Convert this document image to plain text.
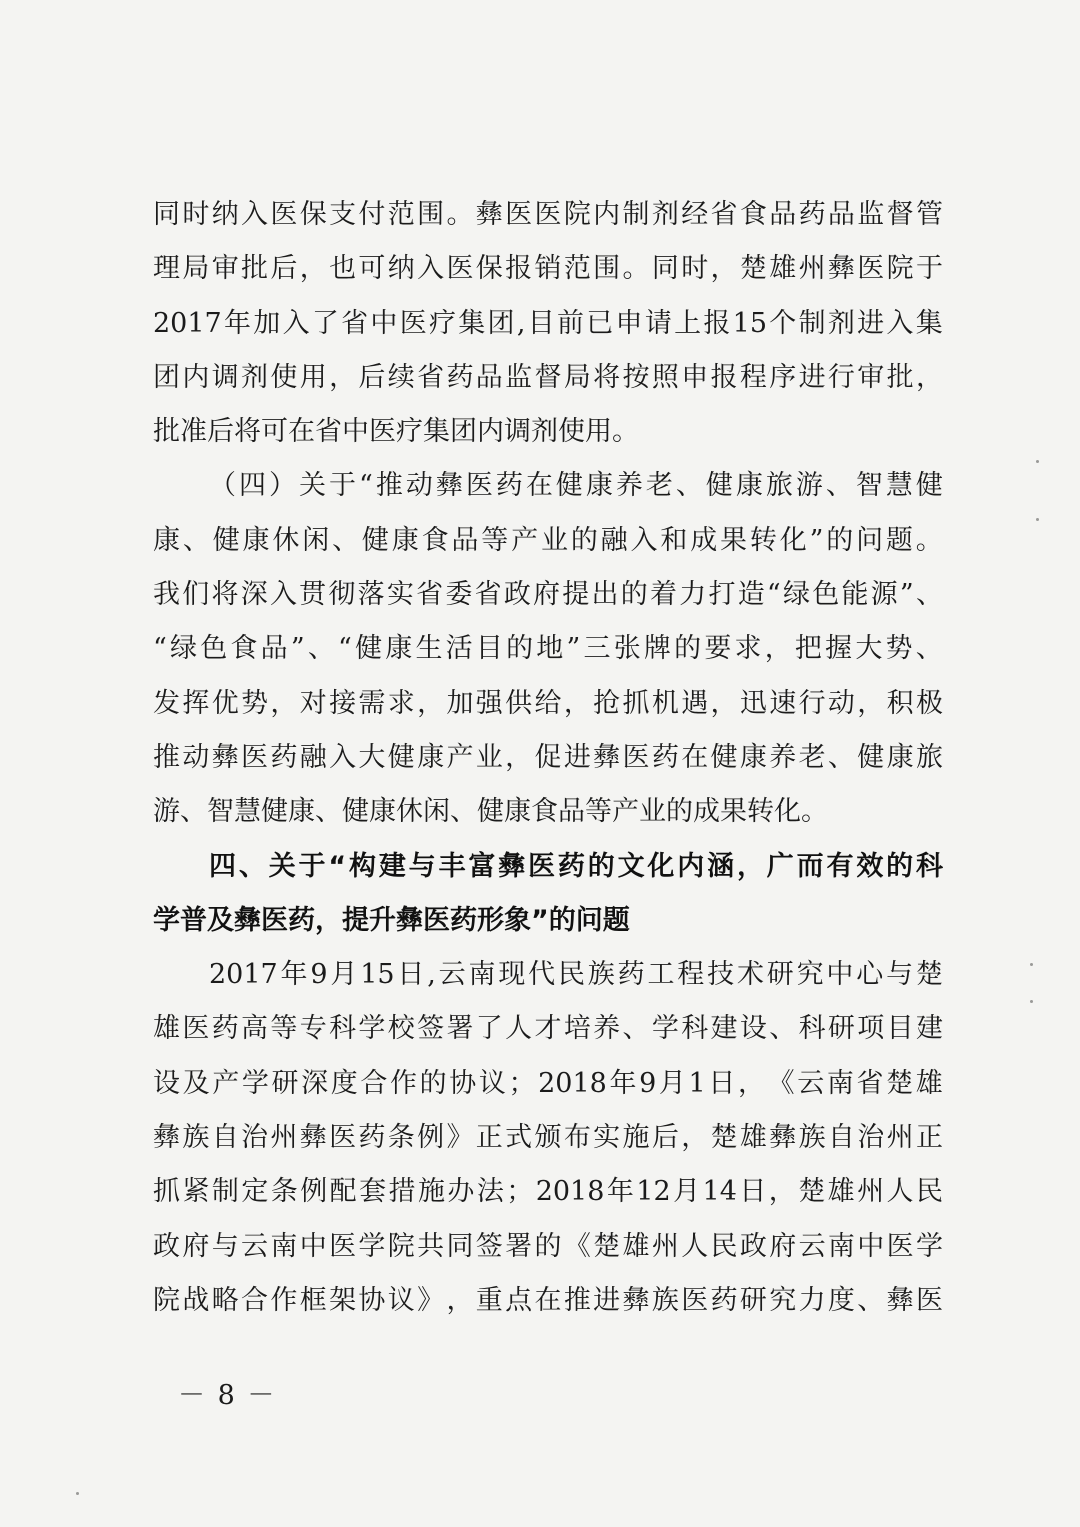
同 时 纳 入 医 保 支 付 范 围 。 彝 医 医 院 内 制 剂 经 省 食 品 药 品 监 督 管
理 局 审 批 后 ， 也 可 纳 入 医 保 报 销 范 围 。 同 时 ， 楚 雄 州 彝 医 院 于
2017 年 加 入 了 省 中 医 疗 集 团 , 目 前 已 申 请 上 报 15 个 制 剂 进 入 集
团 内 调 剂 使 用 ， 后 续 省 药 品 监 督 局 将 按 照 申 报 程 序 进 行 审 批 ，
批准后将可在省中医疗集团内调剂使用。
（ 四 ） 关 于 “ 推 动 彝 医 药 在 健 康 养 老 、 健 康 旅 游 、 智 慧 健
康 、 健 康 休 闲 、 健 康 食 品 等 产 业 的 融 入 和 成 果 转 化 ” 的 问 题 。
我 们 将 深 入 贯 彻 落 实 省 委 省 政 府 提 出 的 着 力 打 造 “ 绿 色 能 源 ” 、
“ 绿 色 食 品 ” 、 “ 健 康 生 活 目 的 地 ” 三 张 牌 的 要 求 ， 把 握 大 势 、
发 挥 优 势 ， 对 接 需 求 ， 加 强 供 给 ， 抢 抓 机 遇 ， 迅 速 行 动 ， 积 极
推 动 彝 医 药 融 入 大 健 康 产 业 ， 促 进 彝 医 药 在 健 康 养 老 、 健 康 旅
游、智慧健康、健康休闲、健康食品等产业的成果转化。
四 、 关 于 “ 构 建 与 丰 富 彝 医 药 的 文 化 内 涵 ， 广 而 有 效 的 科
学普及彝医药，提升彝医药形象”的问题
2017 年 9 月 15 日 , 云 南 现 代 民 族 药 工 程 技 术 研 究 中 心 与 楚
雄 医 药 高 等 专 科 学 校 签 署 了 人 才 培 养 、 学 科 建 设 、 科 研 项 目 建
设 及 产 学 研 深 度 合 作 的 协 议 ； 2018 年 9 月 1 日 ， 《 云 南 省 楚 雄
彝 族 自 治 州 彝 医 药 条 例 》 正 式 颁 布 实 施 后 ， 楚 雄 彝 族 自 治 州 正
抓 紧 制 定 条 例 配 套 措 施 办 法 ； 2018 年 12 月 14 日 ， 楚 雄 州 人 民
政 府 与 云 南 中 医 学 院 共 同 签 署 的 《 楚 雄 州 人 民 政 府 云 南 中 医 学
院 战 略 合 作 框 架 协 议 》 ， 重 点 在 推 进 彝 族 医 药 研 究 力 度 、 彝 医
－ 8 －
